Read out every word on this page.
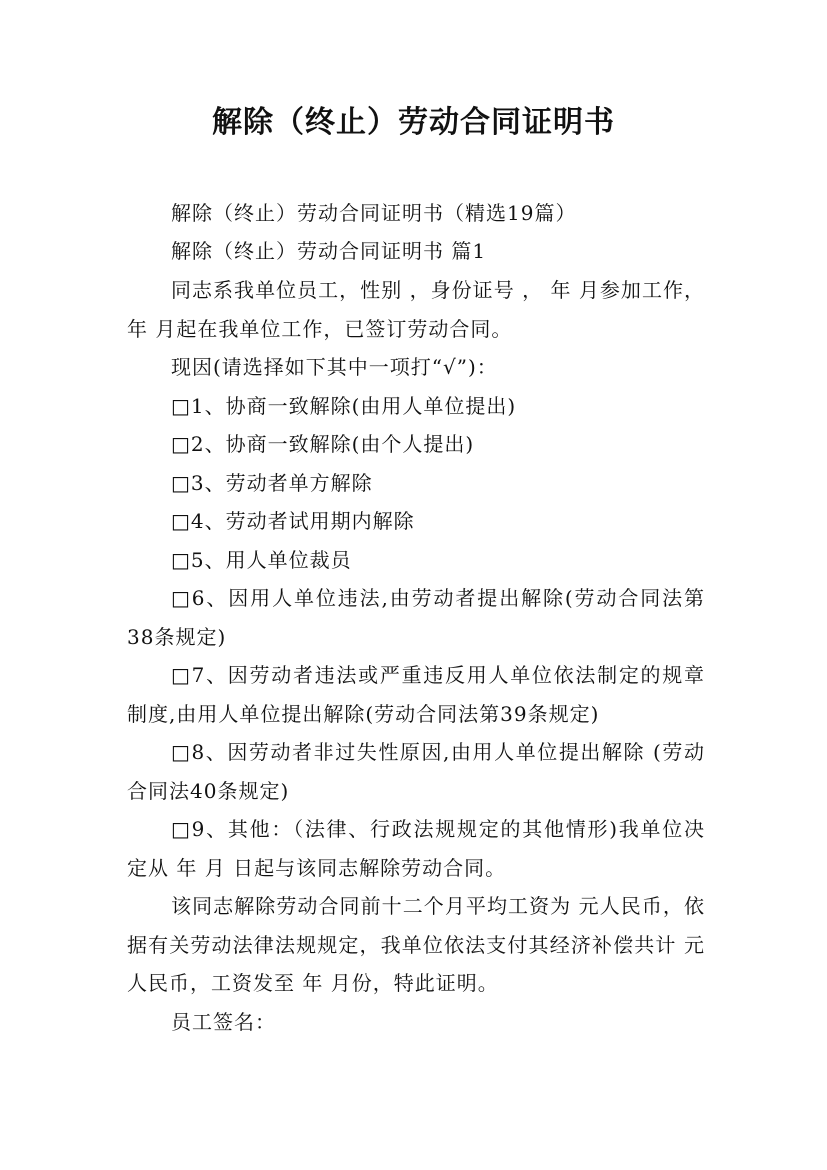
解除（终止）劳动合同证明书

解除（终止）劳动合同证明书（精选19篇）

解除（终止）劳动合同证明书 篇1

同志系我单位员工，性别 ，身份证号 ， 年 月参加工作， 年 月起在我单位工作，已签订劳动合同。

现因(请选择如下其中一项打“√”)：

□1、协商一致解除(由用人单位提出)

□2、协商一致解除(由个人提出)

□3、劳动者单方解除

□4、劳动者试用期内解除

□5、用人单位裁员

□6、因用人单位违法,由劳动者提出解除(劳动合同法第38条规定)

□7、因劳动者违法或严重违反用人单位依法制定的规章制度,由用人单位提出解除(劳动合同法第39条规定)

□8、因劳动者非过失性原因,由用人单位提出解除 (劳动合同法40条规定)

□9、其他：（法律、行政法规规定的其他情形)我单位决定从 年 月 日起与该同志解除劳动合同。

该同志解除劳动合同前十二个月平均工资为 元人民币，依据有关劳动法律法规规定，我单位依法支付其经济补偿共计 元人民币，工资发至 年 月份，特此证明。

员工签名：
